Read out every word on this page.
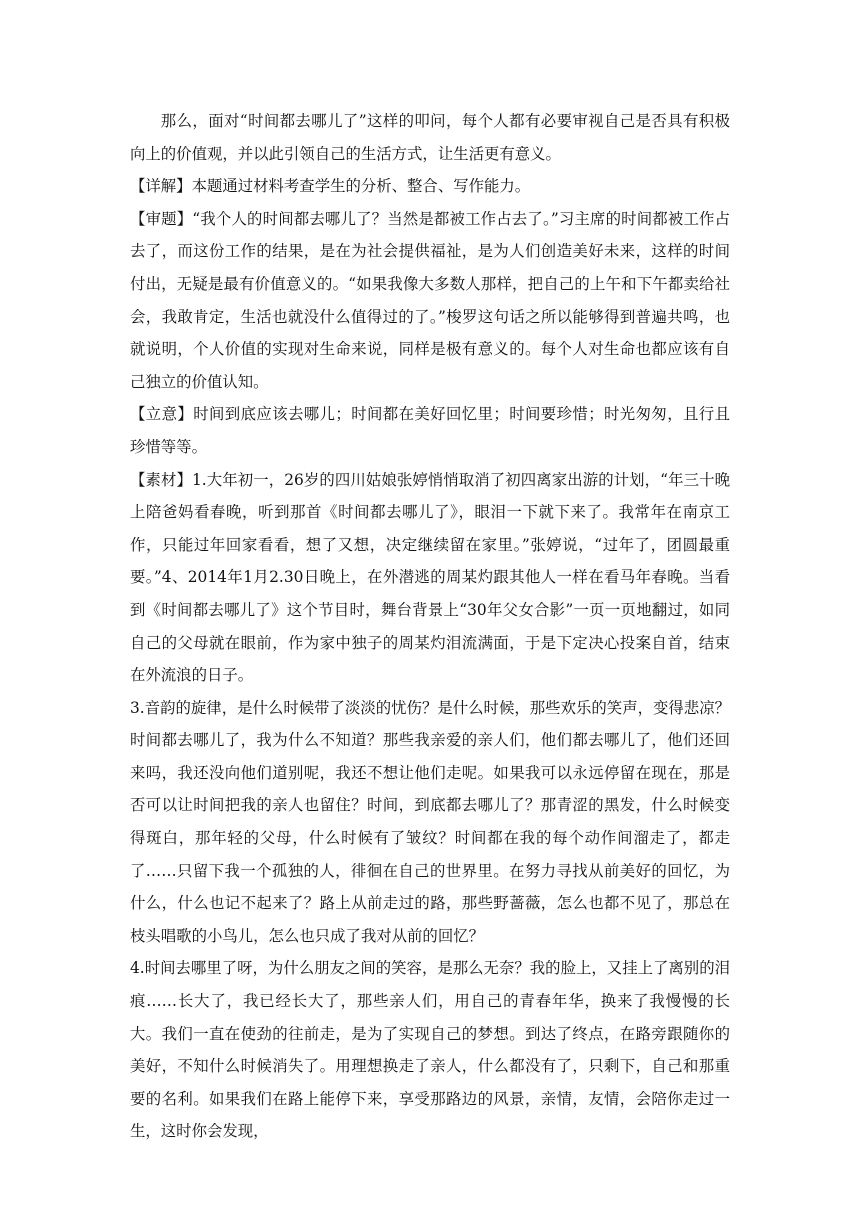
那么，面对“时间都去哪儿了”这样的叩问，每个人都有必要审视自己是否具有积极向上的价值观，并以此引领自己的生活方式，让生活更有意义。

【详解】本题通过材料考查学生的分析、整合、写作能力。

【审题】“我个人的时间都去哪儿了？当然是都被工作占去了。”习主席的时间都被工作占去了，而这份工作的结果，是在为社会提供福祉，是为人们创造美好未来，这样的时间付出，无疑是最有价值意义的。“如果我像大多数人那样，把自己的上午和下午都卖给社会，我敢肯定，生活也就没什么值得过的了。”梭罗这句话之所以能够得到普遍共鸣，也就说明，个人价值的实现对生命来说，同样是极有意义的。每个人对生命也都应该有自己独立的价值认知。

【立意】时间到底应该去哪儿；时间都在美好回忆里；时间要珍惜；时光匆匆，且行且珍惜等等。

【素材】1.大年初一，26岁的四川姑娘张婷悄悄取消了初四离家出游的计划，“年三十晚上陪爸妈看春晚，听到那首《时间都去哪儿了》，眼泪一下就下来了。我常年在南京工作，只能过年回家看看，想了又想，决定继续留在家里。”张婷说，“过年了，团圆最重要。”4、2014年1月2.30日晚上，在外潜逃的周某灼跟其他人一样在看马年春晚。当看到《时间都去哪儿了》这个节目时，舞台背景上“30年父女合影”一页一页地翻过，如同自己的父母就在眼前，作为家中独子的周某灼泪流满面，于是下定决心投案自首，结束在外流浪的日子。

3.音韵的旋律，是什么时候带了淡淡的忧伤？是什么时候，那些欢乐的笑声，变得悲凉？时间都去哪儿了，我为什么不知道？那些我亲爱的亲人们，他们都去哪儿了，他们还回来吗，我还没向他们道别呢，我还不想让他们走呢。如果我可以永远停留在现在，那是否可以让时间把我的亲人也留住？时间，到底都去哪儿了？那青涩的黑发，什么时候变得斑白，那年轻的父母，什么时候有了皱纹？时间都在我的每个动作间溜走了，都走了……只留下我一个孤独的人，徘徊在自己的世界里。在努力寻找从前美好的回忆，为什么，什么也记不起来了？路上从前走过的路，那些野蔷薇，怎么也都不见了，那总在枝头唱歌的小鸟儿，怎么也只成了我对从前的回忆？

4.时间去哪里了呀，为什么朋友之间的笑容，是那么无奈？我的脸上，又挂上了离别的泪痕……长大了，我已经长大了，那些亲人们，用自己的青春年华，换来了我慢慢的长大。我们一直在使劲的往前走，是为了实现自己的梦想。到达了终点，在路旁跟随你的美好，不知什么时候消失了。用理想换走了亲人，什么都没有了，只剩下，自己和那重要的名利。如果我们在路上能停下来，享受那路边的风景，亲情，友情，会陪你走过一生，这时你会发现，
